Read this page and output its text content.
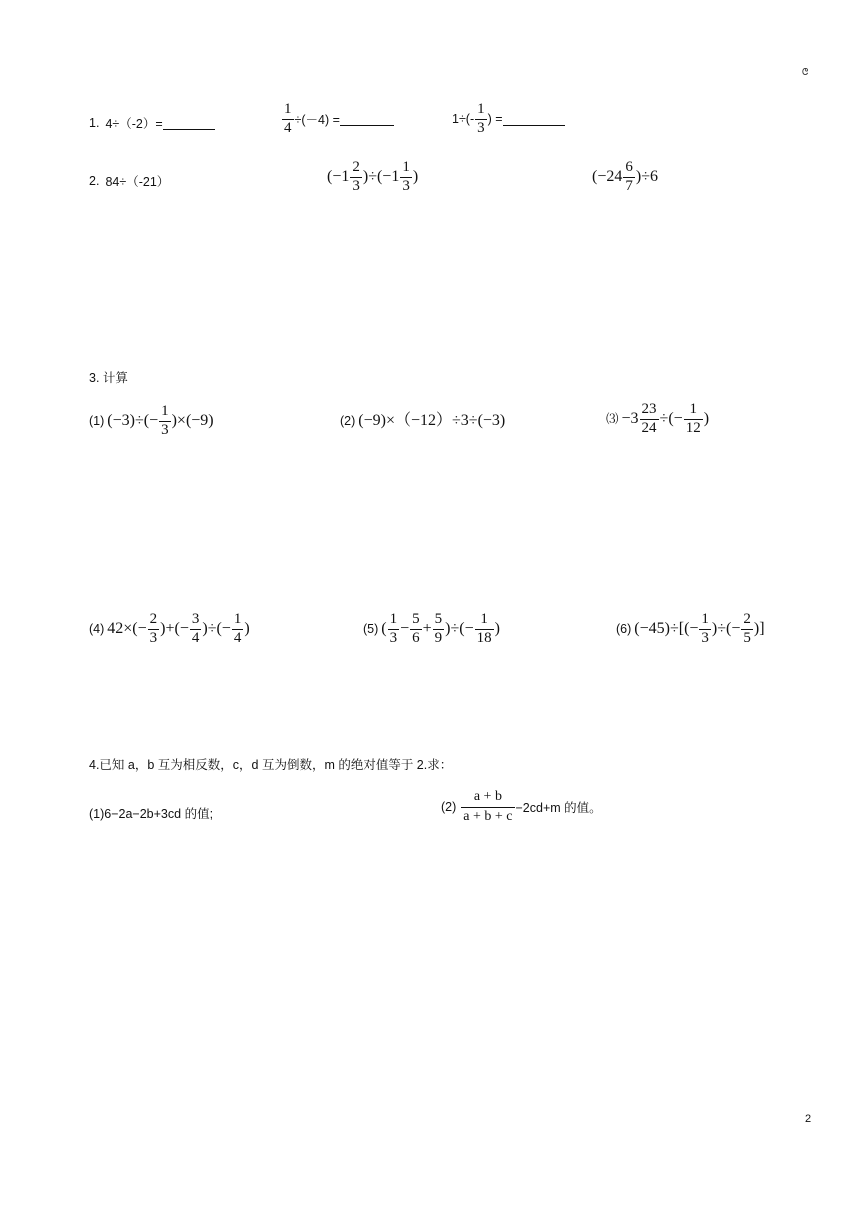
ల
1. 4÷（-2）=	$\frac{1}{4} \div(-4)$ =	$1\div(- \frac{1}{3}$ ) =
2. 84÷（-21）	$(-1 \frac{2}{3} )\div(-1 \frac{1}{3}$ )	$(-24 \frac{6}{7} )\div 6$
3. 计算
(1) $(-3)\div(- \frac{1}{3} )\times(-9)$	(2) (−9)×（−12）÷3÷(−3)	⑶ $-3 \frac{23}{24}$ ÷(− $\frac{1}{12}$ )
(4) $42\times(- \frac{2}{3}$ )+(− $\frac{3}{4}$ )÷(− $\frac{1}{4}$ )	(5) ( $\frac{1}{3} - \frac{5}{6} + \frac{5}{9}$ )÷(− $\frac{1}{18}$ )	(6) $(-45)\div[(- \frac{1}{3}$ )÷(− $\frac{2}{5}$ )]
4.已知 a，b 互为相反数，c，d 互为倒数，m 的绝对值等于 2.求：
(1)6−2a−2b+3cd 的值;	$(2) \frac{a + b}{a + b + c} -2cd+m$ 的值。
2
